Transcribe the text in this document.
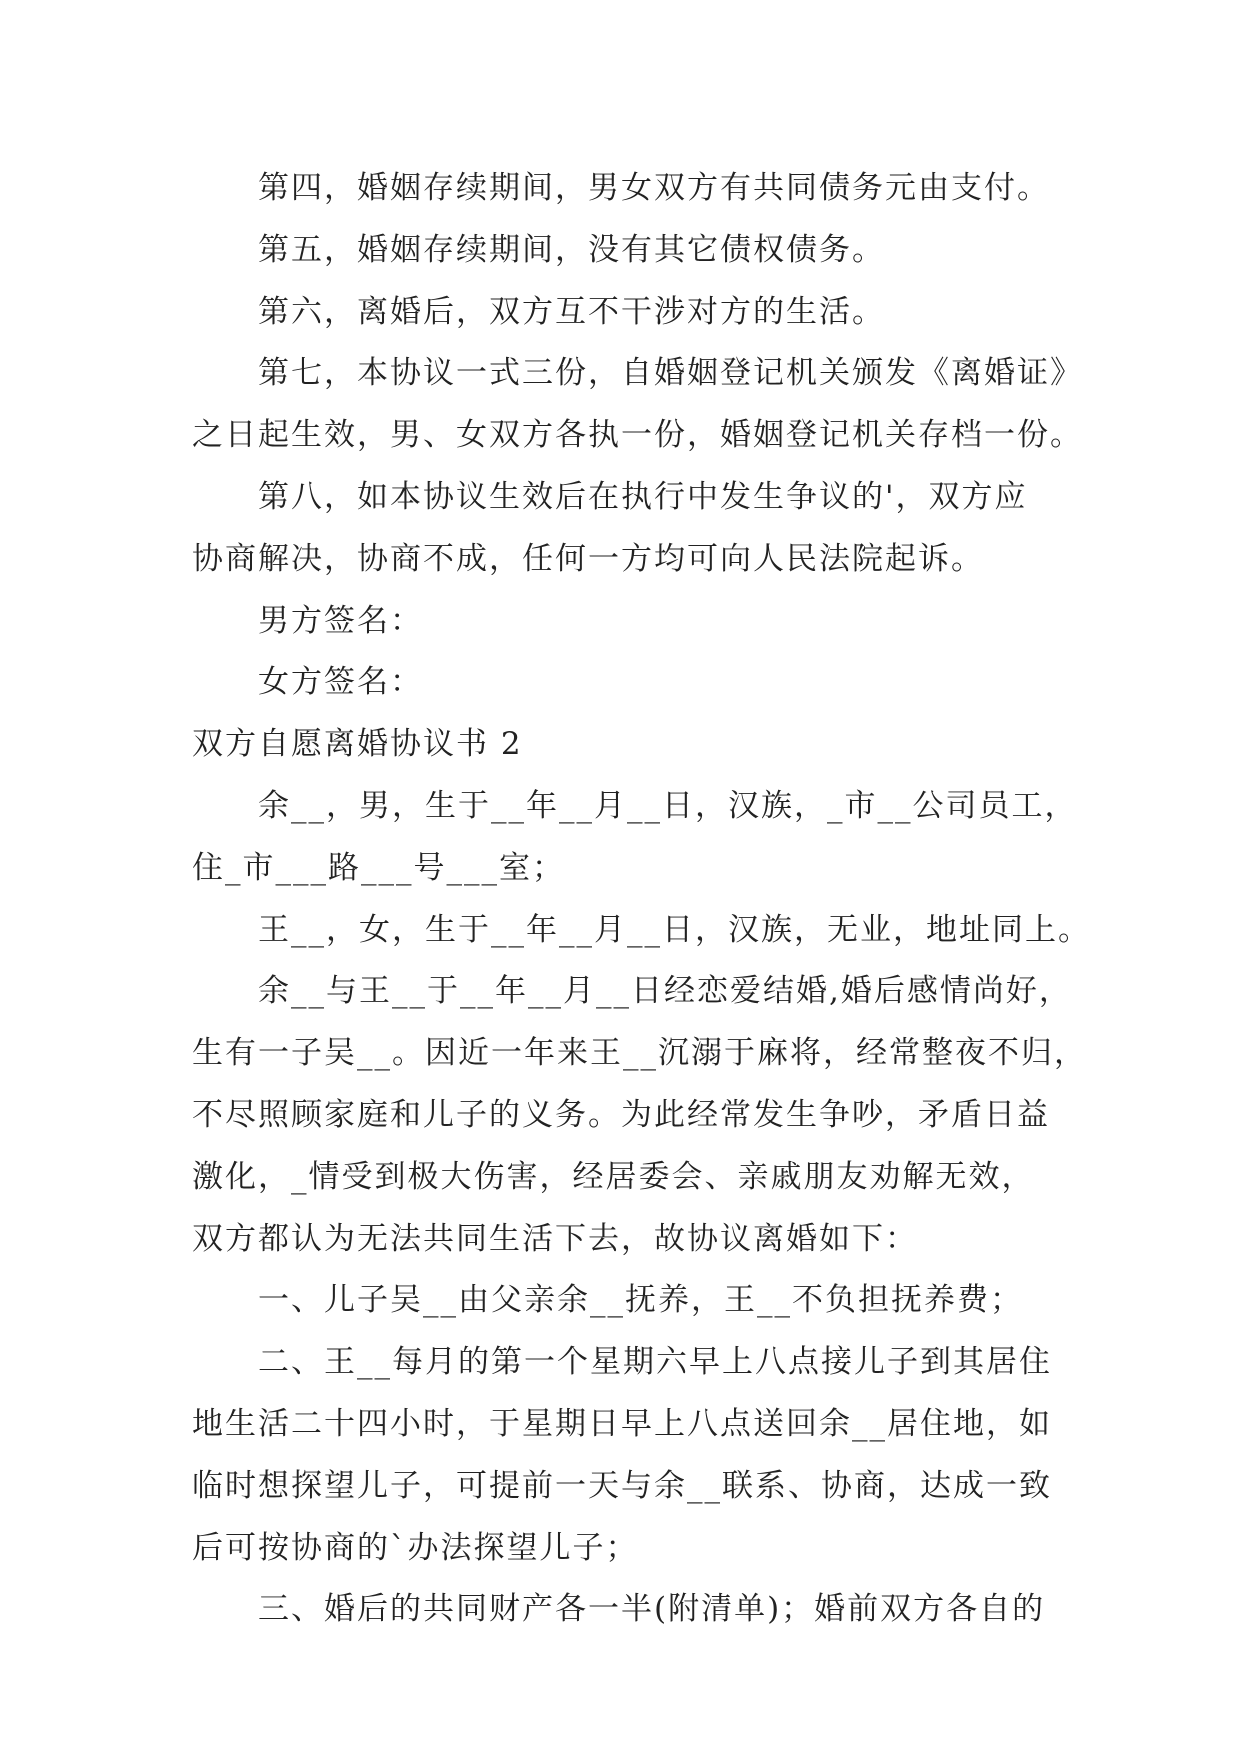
第四，婚姻存续期间，男女双方有共同债务元由支付。
第五，婚姻存续期间，没有其它债权债务。
第六，离婚后，双方互不干涉对方的生活。
第七，本协议一式三份，自婚姻登记机关颁发《离婚证》
之日起生效，男、女双方各执一份，婚姻登记机关存档一份。
第八，如本协议生效后在执行中发生争议的'，双方应
协商解决，协商不成，任何一方均可向人民法院起诉。
男方签名：
女方签名：
双方自愿离婚协议书 2
余__，男，生于__年__月__日，汉族，_市__公司员工，
住_市___路___号___室；
王__，女，生于__年__月__日，汉族，无业，地址同上。
余__与王__于__年__月__日经恋爱结婚,婚后感情尚好，
生有一子吴__。因近一年来王__沉溺于麻将，经常整夜不归，
不尽照顾家庭和儿子的义务。为此经常发生争吵，矛盾日益
激化，_情受到极大伤害，经居委会、亲戚朋友劝解无效，
双方都认为无法共同生活下去，故协议离婚如下：
一、儿子吴__由父亲余__抚养，王__不负担抚养费；
二、王__每月的第一个星期六早上八点接儿子到其居住
地生活二十四小时，于星期日早上八点送回余__居住地，如
临时想探望儿子，可提前一天与余__联系、协商，达成一致
后可按协商的`办法探望儿子；
三、婚后的共同财产各一半(附清单)；婚前双方各自的
